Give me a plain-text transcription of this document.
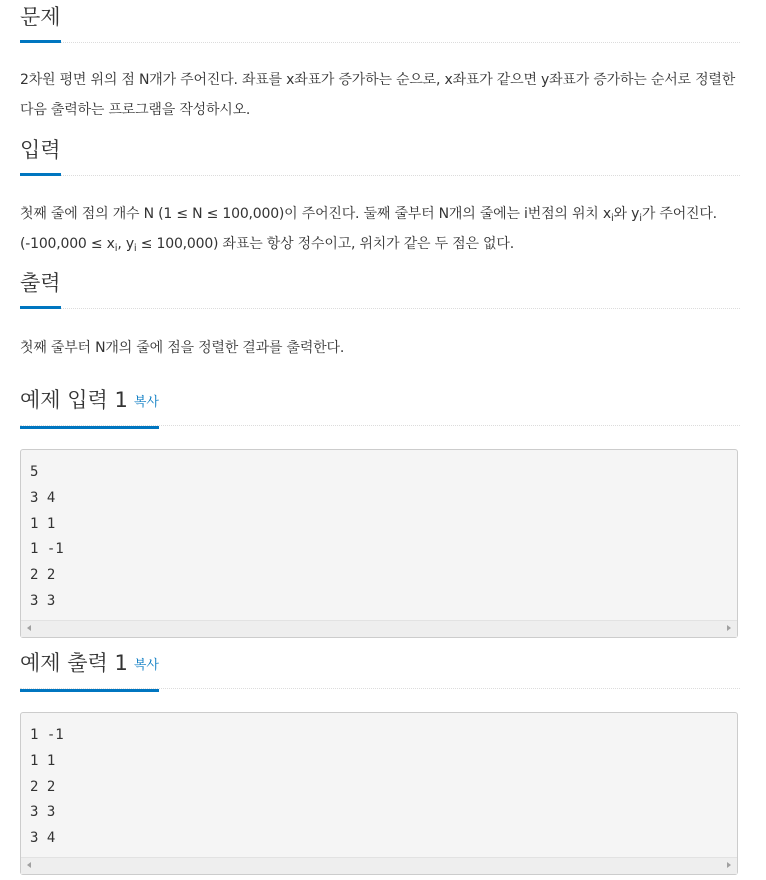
문제

2차원 평면 위의 점 N개가 주어진다. 좌표를 x좌표가 증가하는 순으로, x좌표가 같으면 y좌표가 증가하는 순서로 정렬한 다음 출력하는 프로그램을 작성하시오.

입력

첫째 줄에 점의 개수 N (1 ≤ N ≤ 100,000)이 주어진다. 둘째 줄부터 N개의 줄에는 i번점의 위치 $x_i$와 $y_i$가 주어진다. ($-100,000 \le x_i$, $y_i \le 100,000$) 좌표는 항상 정수이고, 위치가 같은 두 점은 없다.

출력

첫째 줄부터 N개의 줄에 점을 정렬한 결과를 출력한다.

예제 입력 1 복사
5
3 4
1 1
1 -1
2 2
3 3
예제 출력 1 복사
1 -1
1 1
2 2
3 3
3 4
